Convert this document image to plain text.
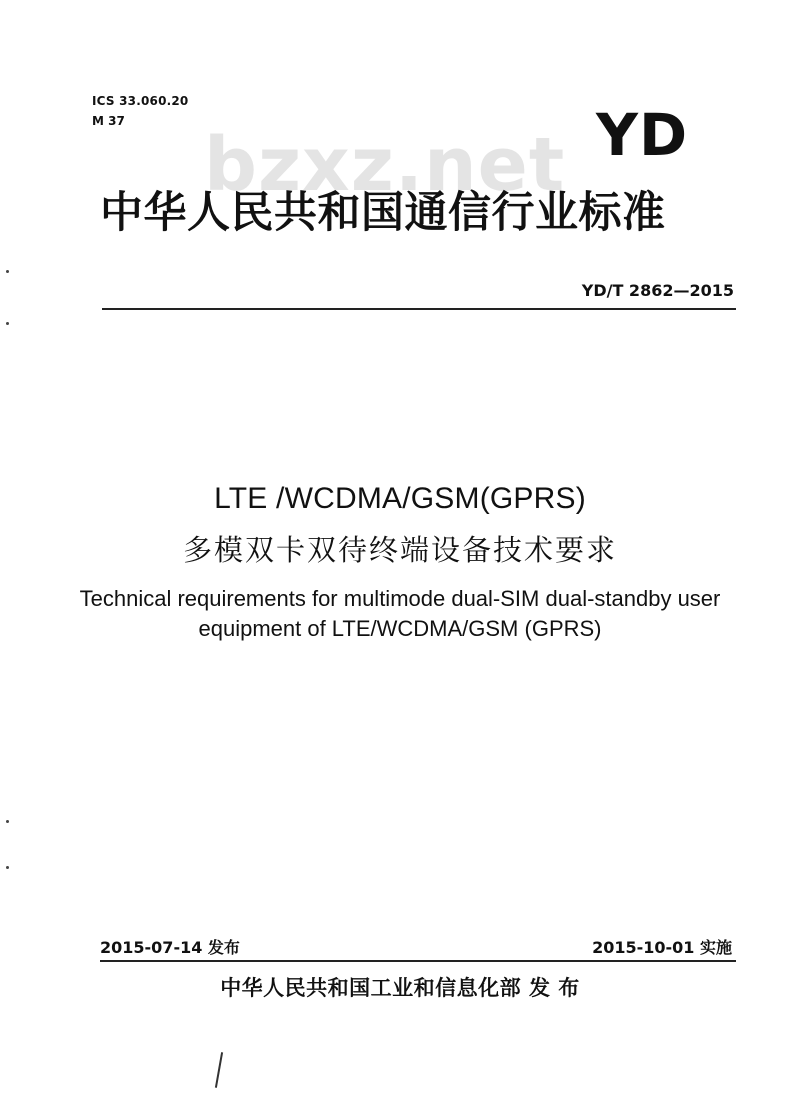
ICS 33.060.20
M 37
bzxz.net YD
中华人民共和国通信行业标准
YD/T 2862—2015
LTE /WCDMA/GSM(GPRS)
多模双卡双待终端设备技术要求
Technical requirements for multimode dual-SIM dual-standby user
equipment of LTE/WCDMA/GSM (GPRS)
2015-07-14 发布	2015-10-01 实施
中华人民共和国工业和信息化部 发 布
